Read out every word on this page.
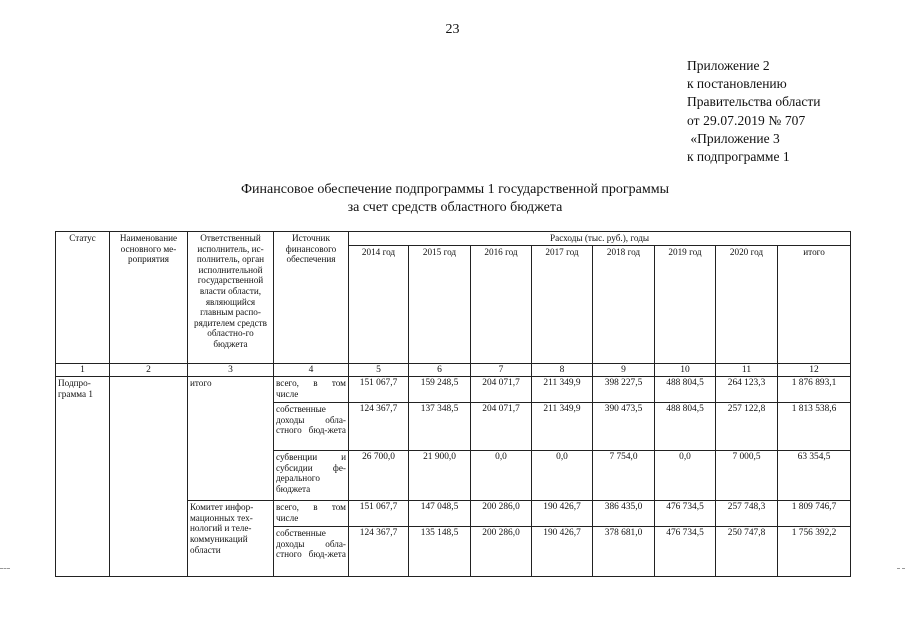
23
Приложение 2
к постановлению
Правительства области
от 29.07.2019 № 707
«Приложение 3
к подпрограмме 1
Финансовое обеспечение подпрограммы 1 государственной программы
за счет средств областного бюджета
Статус	Наименование основного ме-роприятия	Ответственный исполнитель, ис-полнитель, орган исполнительной государственной власти области, являющийся главным распо-рядителем средств областно-го бюджета	Источник финансового обеспечения	Расходы (тыс. руб.), годы							
				2014 год	2015 год	2016 год	2017 год	2018 год	2019 год	2020 год	итого
1	2	3	4	5	6	7	8	9	10	11	12
Подпро-грамма 1		итого	всего, в том числе	151 067,7	159 248,5	204 071,7	211 349,9	398 227,5	488 804,5	264 123,3	1 876 893,1
			собственные доходы обла-стного бюд-жета	124 367,7	137 348,5	204 071,7	211 349,9	390 473,5	488 804,5	257 122,8	1 813 538,6
			субвенции и субсидии фе-дерального бюджета	26 700,0	21 900,0	0,0	0,0	7 754,0	0,0	7 000,5	63 354,5
		Комитет инфор-мационных тех-нологий и теле-коммуникаций области	всего, в том числе	151 067,7	147 048,5	200 286,0	190 426,7	386 435,0	476 734,5	257 748,3	1 809 746,7
			собственные доходы обла-стного бюд-жета	124 367,7	135 148,5	200 286,0	190 426,7	378 681,0	476 734,5	250 747,8	1 756 392,2
